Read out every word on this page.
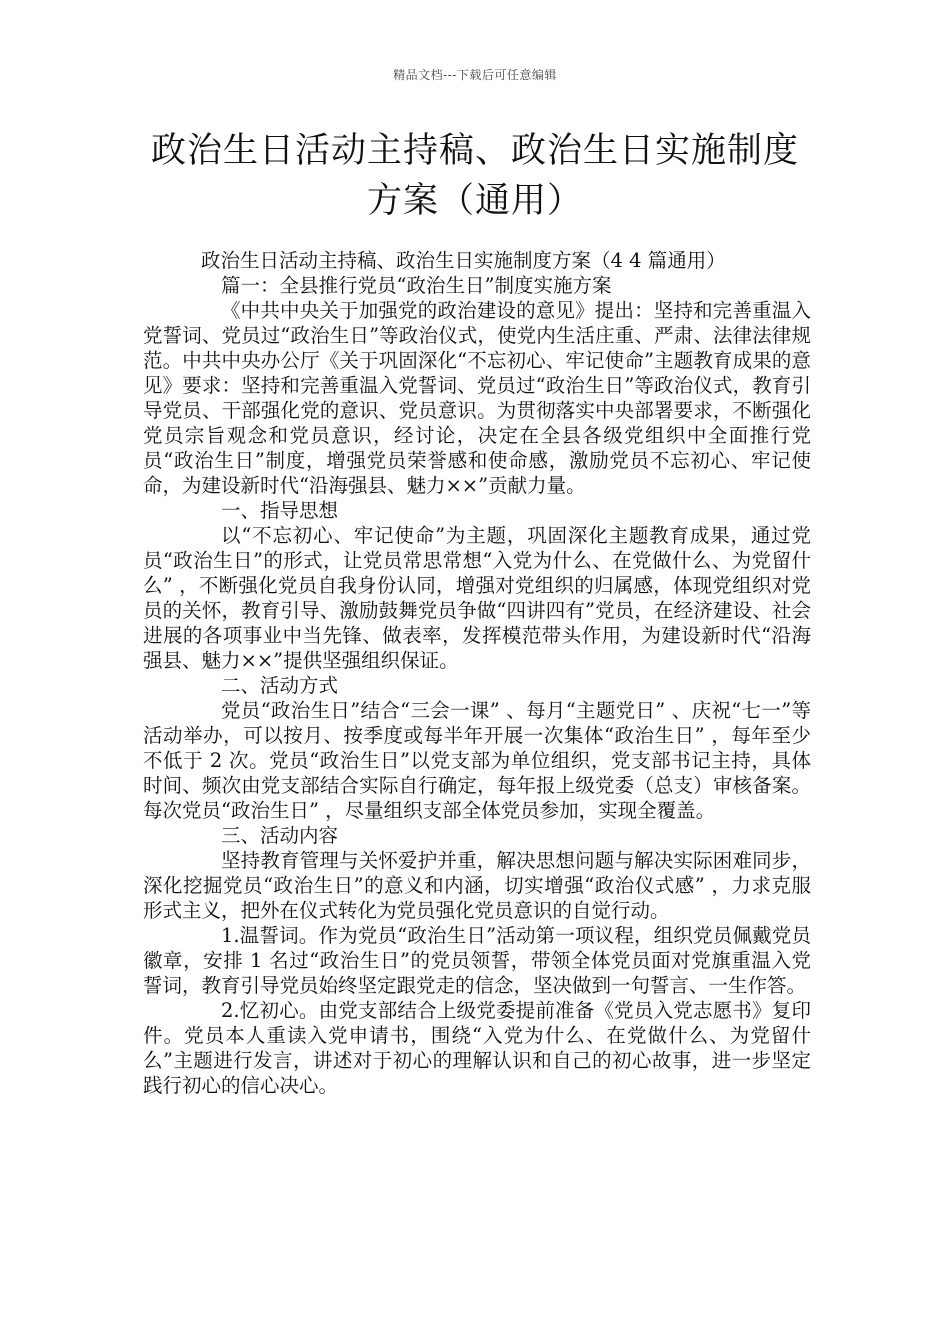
精品文档---下载后可任意编辑
政治生日活动主持稿、政治生日实施制度
方案（通用）

政治生日活动主持稿、政治生日实施制度方案（4 4 篇通用）

篇一：全县推行党员“政治生日”制度实施方案

《中共中央关于加强党的政治建设的意见》提出：坚持和完善重温入党誓词、党员过“政治生日”等政治仪式，使党内生活庄重、严肃、法律法律规范。中共中央办公厅《关于巩固深化“不忘初心、牢记使命”主题教育成果的意见》要求：坚持和完善重温入党誓词、党员过“政治生日”等政治仪式，教育引导党员、干部强化党的意识、党员意识。为贯彻落实中央部署要求，不断强化党员宗旨观念和党员意识，经讨论，决定在全县各级党组织中全面推行党员“政治生日”制度，增强党员荣誉感和使命感，激励党员不忘初心、牢记使命，为建设新时代“沿海强县、魅力××”贡献力量。

一、指导思想

以“不忘初心、牢记使命”为主题，巩固深化主题教育成果，通过党员“政治生日”的形式，让党员常思常想“入党为什么、在党做什么、为党留什么” ，不断强化党员自我身份认同，增强对党组织的归属感，体现党组织对党员的关怀，教育引导、激励鼓舞党员争做“四讲四有”党员，在经济建设、社会进展的各项事业中当先锋、做表率，发挥模范带头作用，为建设新时代“沿海强县、魅力××”提供坚强组织保证。

二、活动方式

党员“政治生日”结合“三会一课” 、每月“主题党日” 、庆祝“七一”等活动举办，可以按月、按季度或每半年开展一次集体“政治生日” ，每年至少不低于 2 次。党员“政治生日”以党支部为单位组织，党支部书记主持，具体时间、频次由党支部结合实际自行确定，每年报上级党委（总支）审核备案。每次党员“政治生日” ，尽量组织支部全体党员参加，实现全覆盖。

三、活动内容

坚持教育管理与关怀爱护并重，解决思想问题与解决实际困难同步，深化挖掘党员“政治生日”的意义和内涵，切实增强“政治仪式感” ，力求克服形式主义，把外在仪式转化为党员强化党员意识的自觉行动。

1.温誓词。作为党员“政治生日”活动第一项议程，组织党员佩戴党员徽章，安排 1 名过“政治生日”的党员领誓，带领全体党员面对党旗重温入党誓词，教育引导党员始终坚定跟党走的信念，坚决做到一句誓言、一生作答。

2.忆初心。由党支部结合上级党委提前准备《党员入党志愿书》复印件。党员本人重读入党申请书，围绕“入党为什么、在党做什么、为党留什么”主题进行发言，讲述对于初心的理解认识和自己的初心故事，进一步坚定践行初心的信心决心。
